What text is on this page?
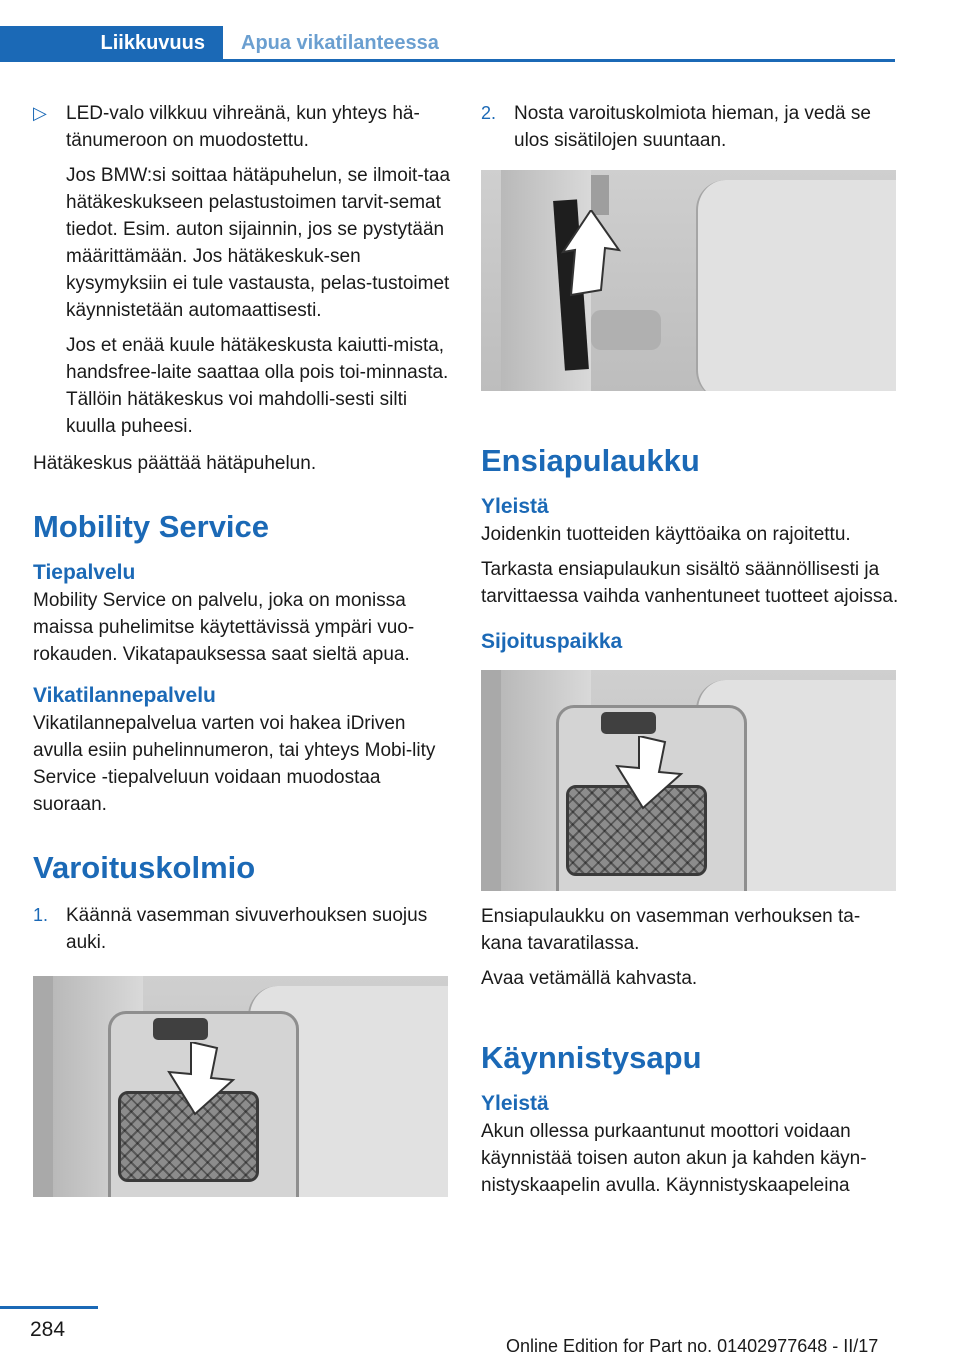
Liikkuvuus Apua vikatilanteessa
▷ LED-valo vilkkuu vihreänä, kun yhteys hä-tänumeroon on muodostettu.

Jos BMW:si soittaa hätäpuhelun, se ilmoit-taa hätäkeskukseen pelastustoimen tarvit-semat tiedot. Esim. auton sijainnin, jos se pystytään määrittämään. Jos hätäkeskuk-sen kysymyksiin ei tule vastausta, pelas-tustoimet käynnistetään automaattisesti.

Jos et enää kuule hätäkeskusta kaiutti-mista, handsfree-laite saattaa olla pois toi-minnasta. Tällöin hätäkeskus voi mahdolli-sesti silti kuulla puheesi.

Hätäkeskus päättää hätäpuhelun.

Mobility Service
Tiepalvelu

Mobility Service on palvelu, joka on monissa maissa puhelimitse käytettävissä ympäri vuo-rokauden. Vikatapauksessa saat sieltä apua.

Vikatilannepalvelu

Vikatilannepalvelua varten voi hakea iDriven avulla esiin puhelinnumeron, tai yhteys Mobi-lity Service -tiepalveluun voidaan muodostaa suoraan.

Varoituskolmio
1. Käännä vasemman sivuverhouksen suojus auki.

2. Nosta varoituskolmiota hieman, ja vedä se ulos sisätilojen suuntaan.

Ensiapulaukku
Yleistä

Joidenkin tuotteiden käyttöaika on rajoitettu.

Tarkasta ensiapulaukun sisältö säännöllisesti ja tarvittaessa vaihda vanhentuneet tuotteet ajoissa.

Sijoituspaikka

Ensiapulaukku on vasemman verhouksen ta-kana tavaratilassa.

Avaa vetämällä kahvasta.

Käynnistysapu
Yleistä

Akun ollessa purkaantunut moottori voidaan käynnistää toisen auton akun ja kahden käyn-nistyskaapelin avulla. Käynnistyskaapeleina

284
Online Edition for Part no. 01402977648 - II/17
